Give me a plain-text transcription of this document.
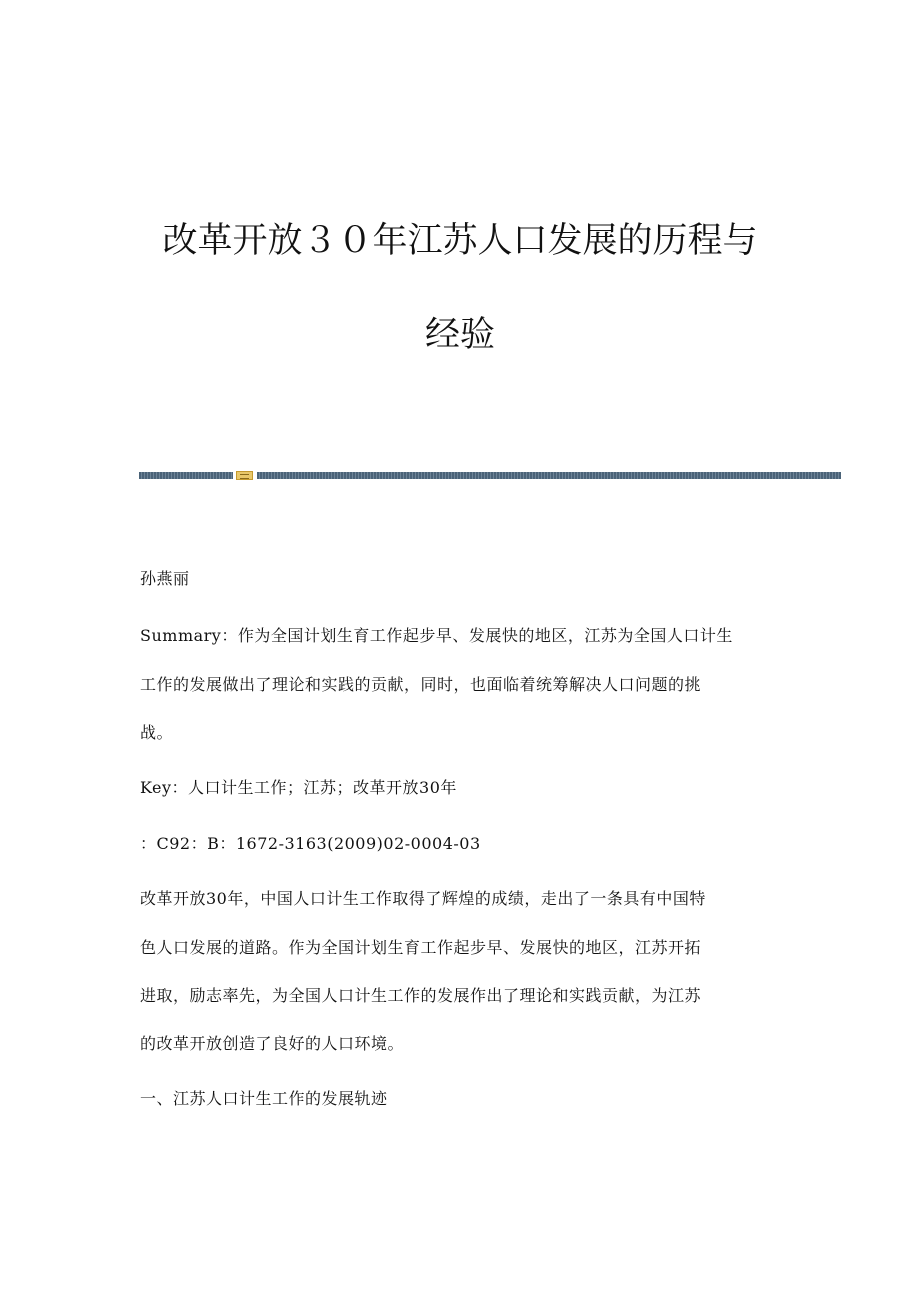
改革开放３０年江苏人口发展的历程与
经验

孙燕丽

Summary：作为全国计划生育工作起步早、发展快的地区，江苏为全国人口计生

工作的发展做出了理论和实践的贡献，同时，也面临着统筹解决人口问题的挑

战。

Key：人口计生工作；江苏；改革开放30年

：C92：B：1672-3163(2009)02-0004-03

改革开放30年，中国人口计生工作取得了辉煌的成绩，走出了一条具有中国特

色人口发展的道路。作为全国计划生育工作起步早、发展快的地区，江苏开拓

进取，励志率先，为全国人口计生工作的发展作出了理论和实践贡献，为江苏

的改革开放创造了良好的人口环境。

一、江苏人口计生工作的发展轨迹
